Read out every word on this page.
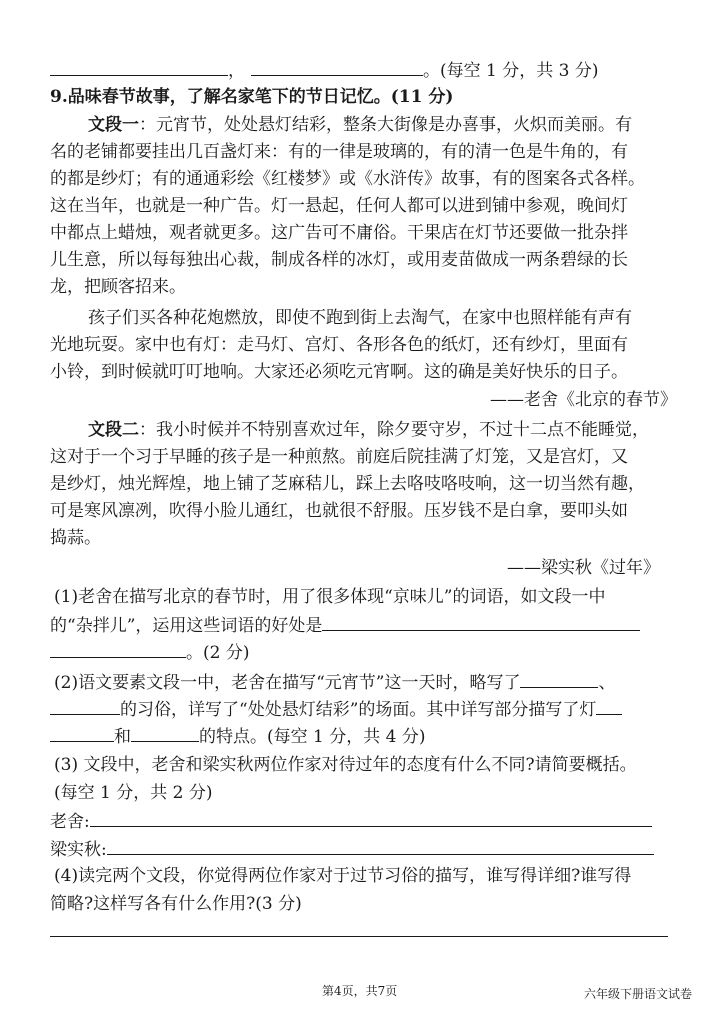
，	。(每空 1 分，共 3 分)
9.品味春节故事，了解名家笔下的节日记忆。(11 分)
文段一：元宵节，处处悬灯结彩，整条大街像是办喜事，火炽而美丽。有
名的老铺都要挂出几百盏灯来：有的一律是玻璃的，有的清一色是牛角的，有
的都是纱灯；有的通通彩绘《红楼梦》或《水浒传》故事，有的图案各式各样。
这在当年，也就是一种广告。灯一悬起，任何人都可以进到铺中参观，晚间灯
中都点上蜡烛，观者就更多。这广告可不庸俗。干果店在灯节还要做一批杂拌
儿生意，所以每每独出心裁，制成各样的冰灯，或用麦苗做成一两条碧绿的长
龙，把顾客招来。
孩子们买各种花炮燃放，即使不跑到街上去淘气，在家中也照样能有声有
光地玩耍。家中也有灯：走马灯、宫灯、各形各色的纸灯，还有纱灯，里面有
小铃，到时候就叮叮地响。大家还必须吃元宵啊。这的确是美好快乐的日子。
——老舍《北京的春节》
文段二：我小时候并不特别喜欢过年，除夕要守岁，不过十二点不能睡觉，
这对于一个习于早睡的孩子是一种煎熬。前庭后院挂满了灯笼，又是宫灯，又
是纱灯，烛光辉煌，地上铺了芝麻秸儿，踩上去咯吱咯吱响，这一切当然有趣，
可是寒风凛冽，吹得小脸儿通红，也就很不舒服。压岁钱不是白拿，要叩头如
捣蒜。
——梁实秋《过年》
(1)老舍在描写北京的春节时，用了很多体现“京味儿”的词语，如文段一中
的“杂拌儿”，运用这些词语的好处是
。(2 分)
(2)语文要素文段一中，老舍在描写“元宵节”这一天时，略写了	、
的习俗，详写了“处处悬灯结彩”的场面。其中详写部分描写了灯
和	的特点。(每空 1 分，共 4 分)
(3) 文段中，老舍和梁实秋两位作家对待过年的态度有什么不同?请简要概括。
(每空 1 分，共 2 分)
老舍:
梁实秋:
(4)读完两个文段，你觉得两位作家对于过节习俗的描写，谁写得详细?谁写得
简略?这样写各有什么作用?(3 分)
第4页，共7页	六年级下册语文试卷
